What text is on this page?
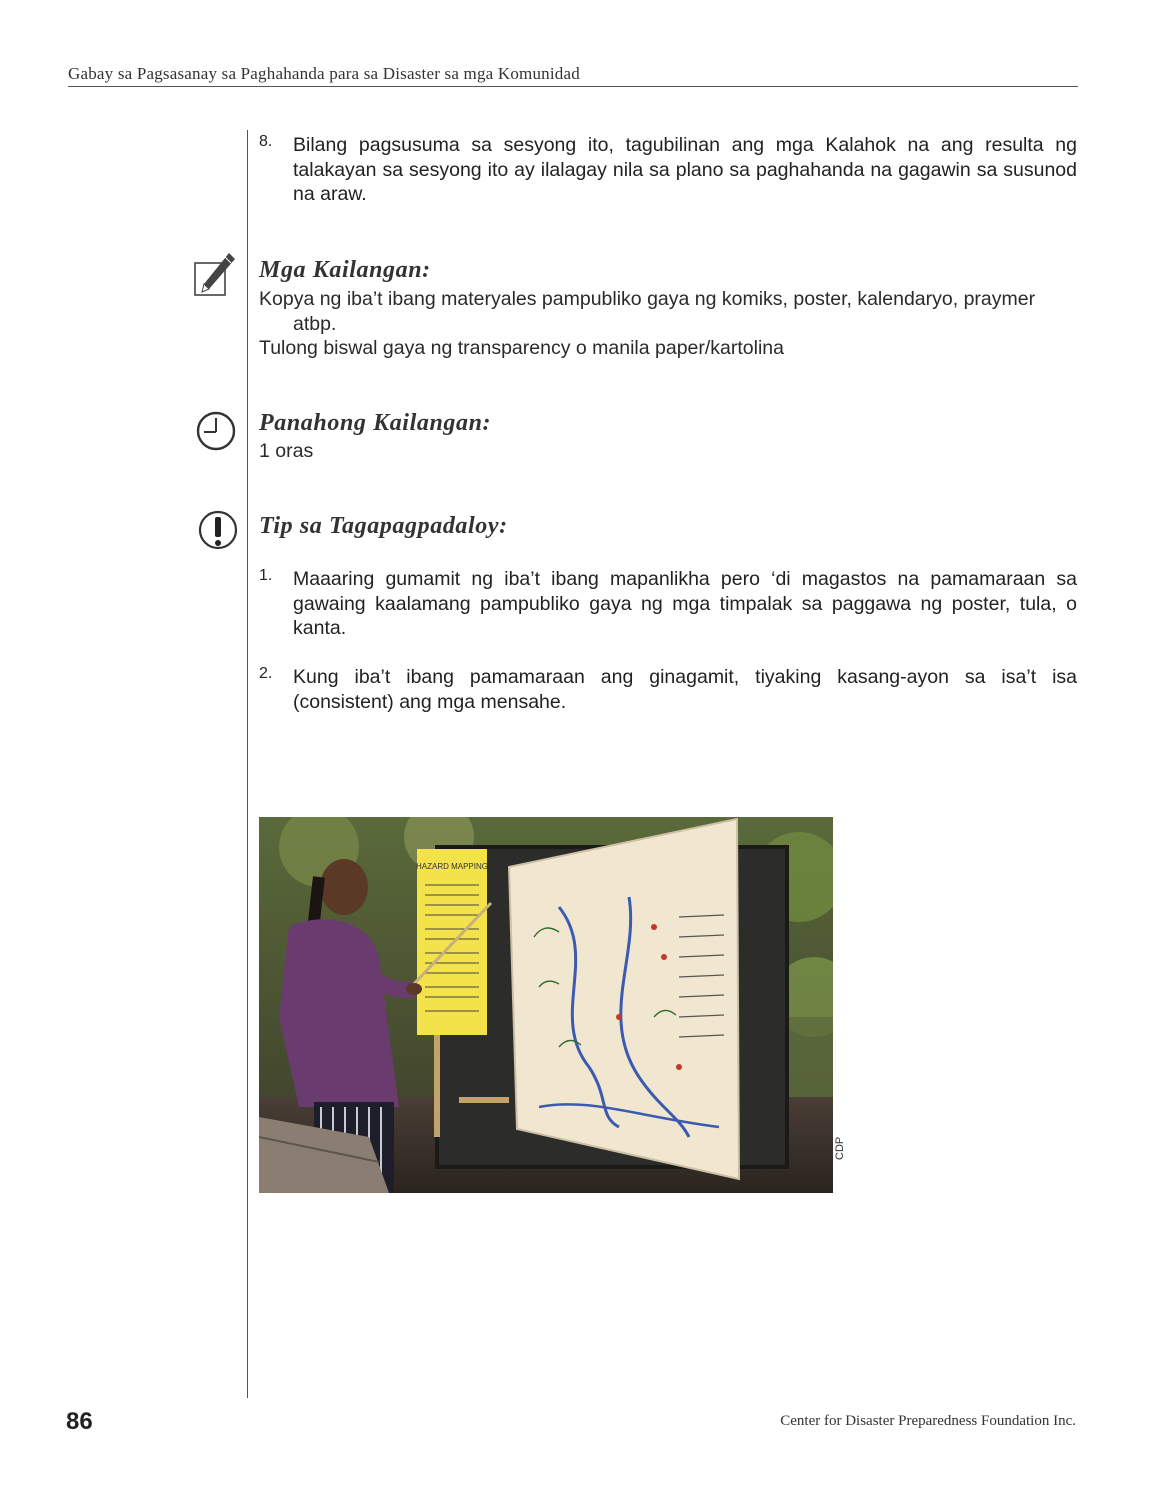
Gabay sa Pagsasanay sa Paghahanda para sa Disaster sa mga Komunidad
8. Bilang pagsusuma sa sesyong ito, tagubilinan ang mga Kalahok na ang resulta ng talakayan sa sesyong ito ay ilalagay nila sa plano sa paghahanda na gagawin sa susunod na araw.
Mga Kailangan:
Kopya ng iba’t ibang materyales pampubliko gaya ng komiks, poster, kalendaryo, praymer
atbp.
Tulong biswal gaya ng transparency o manila paper/kartolina
Panahong Kailangan:
1 oras
Tip sa Tagapagpadaloy:
1. Maaaring gumamit ng iba’t ibang mapanlikha pero ‘di magastos na pamamaraan sa gawaing kaalamang pampubliko gaya ng mga timpalak sa paggawa ng poster, tula, o kanta.
2. Kung iba’t ibang pamamaraan ang ginagamit, tiyaking kasang-ayon sa isa’t isa (consistent) ang mga mensahe.
HAZARD MAPPING
CDP
86	Center for Disaster Preparedness Foundation Inc.
